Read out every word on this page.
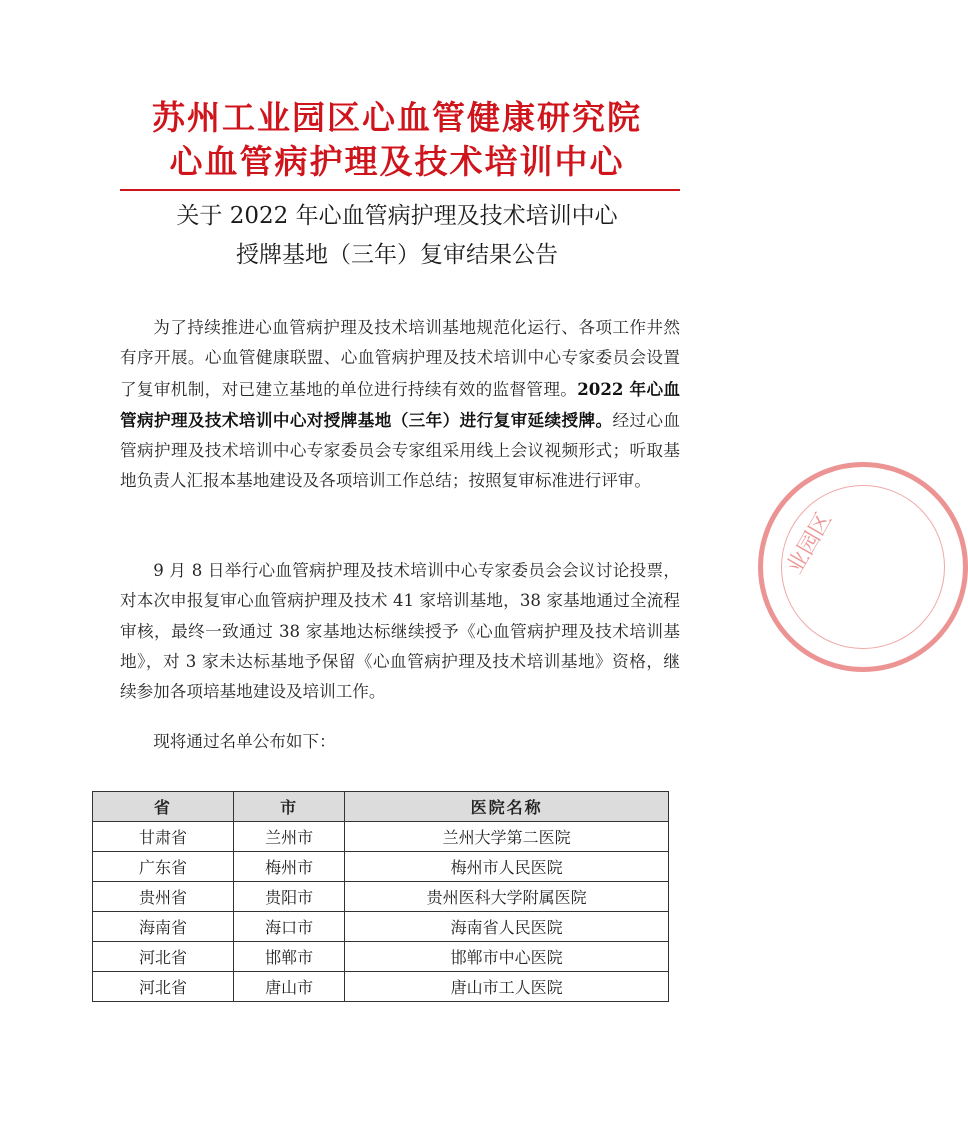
苏州工业园区心血管健康研究院
心血管病护理及技术培训中心
关于 2022 年心血管病护理及技术培训中心
授牌基地（三年）复审结果公告
为了持续推进心血管病护理及技术培训基地规范化运行、各项工作井然有序开展。心血管健康联盟、心血管病护理及技术培训中心专家委员会设置了复审机制，对已建立基地的单位进行持续有效的监督管理。2022 年心血管病护理及技术培训中心对授牌基地（三年）进行复审延续授牌。经过心血管病护理及技术培训中心专家委员会专家组采用线上会议视频形式；听取基地负责人汇报本基地建设及各项培训工作总结；按照复审标准进行评审。
9 月 8 日举行心血管病护理及技术培训中心专家委员会会议讨论投票，对本次申报复审心血管病护理及技术 41 家培训基地，38 家基地通过全流程审核，最终一致通过 38 家基地达标继续授予《心血管病护理及技术培训基地》，对 3 家未达标基地予保留《心血管病护理及技术培训基地》资格，继续参加各项培基地建设及培训工作。
现将通过名单公布如下：
省	市	医院名称
甘肃省	兰州市	兰州大学第二医院
广东省	梅州市	梅州市人民医院
贵州省	贵阳市	贵州医科大学附属医院
海南省	海口市	海南省人民医院
河北省	邯郸市	邯郸市中心医院
河北省	唐山市	唐山市工人医院
业园区
